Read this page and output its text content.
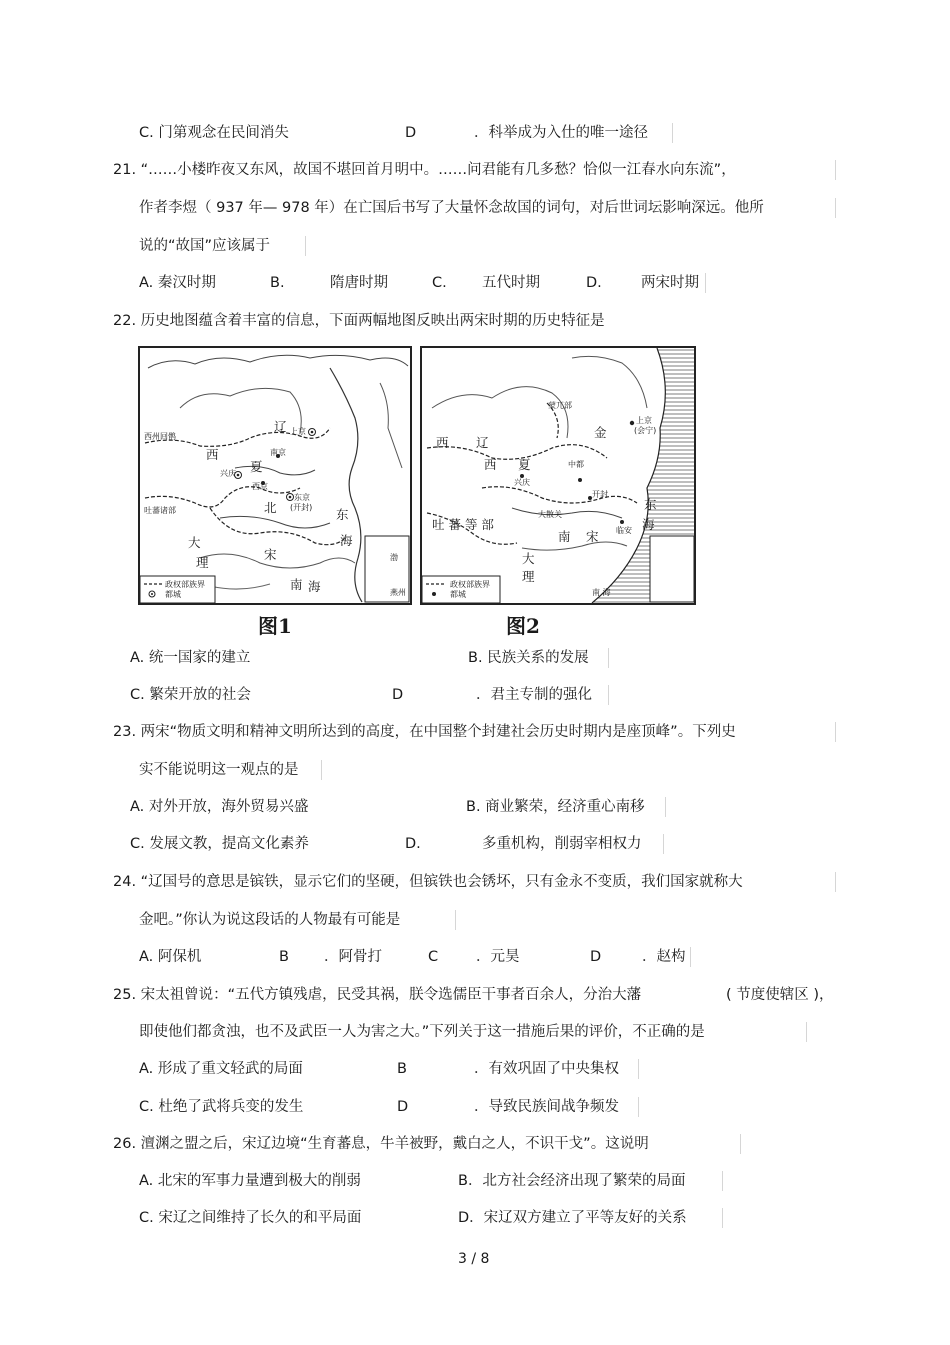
C. 门第观念在民间消失	D	．科举成为入仕的唯一途径
21. “……小楼昨夜又东风，故国不堪回首月明中。……问君能有几多愁？恰似一江春水向东流”，
作者李煜（ 937 年— 978 年）在亡国后书写了大量怀念故国的词句，对后世词坛影响深远。他所
说的“故国”应该属于
A. 秦汉时期	B.	隋唐时期	C. 五代时期	D.	两宋时期
22. 历史地图蕴含着丰富的信息，下面两幅地图反映出两宋时期的历史特征是
辽 上京
西州回鹘
西
夏
兴庆
南京
西京
吐蕃诸部
东京
(开封)
北	东
大
理
宋
海
南 海
渤
燕州
政权部族界
都城
蒙兀部
西 辽
金
上京
(会宁)
西 夏
兴庆
中都
开封
大散关
吐 蕃 等 部
南 宋 临安
东
海
大
理
南 海
政权部族界
都城
图1	图2
A. 统一国家的建立	B. 民族关系的发展
C. 繁荣开放的社会	D	．君主专制的强化
23. 两宋“物质文明和精神文明所达到的高度，在中国整个封建社会历史时期内是座顶峰”。下列史
实不能说明这一观点的是
A. 对外开放，海外贸易兴盛	B. 商业繁荣，经济重心南移
C. 发展文教，提高文化素养	D.	多重机构，削弱宰相权力
24. “辽国号的意思是镔铁，显示它们的坚硬，但镔铁也会锈坏，只有金永不变质，我们国家就称大
金吧。”你认为说这段话的人物最有可能是
A. 阿保机	B ．阿骨打	C	．元昊	D	．赵构
25. 宋太祖曾说：“五代方镇残虐，民受其祸，朕令选儒臣干事者百余人，分治大藩	( 节度使辖区 )，
即使他们都贪浊，也不及武臣一人为害之大。”下列关于这一措施后果的评价，不正确的是
A. 形成了重文轻武的局面	B	．有效巩固了中央集权
C. 杜绝了武将兵变的发生	D	．导致民族间战争频发
26. 澶渊之盟之后，宋辽边境“生育蕃息，牛羊被野，戴白之人，不识干戈”。这说明
A. 北宋的军事力量遭到极大的削弱	B．北方社会经济出现了繁荣的局面
C. 宋辽之间维持了长久的和平局面	D．宋辽双方建立了平等友好的关系
3 / 8
